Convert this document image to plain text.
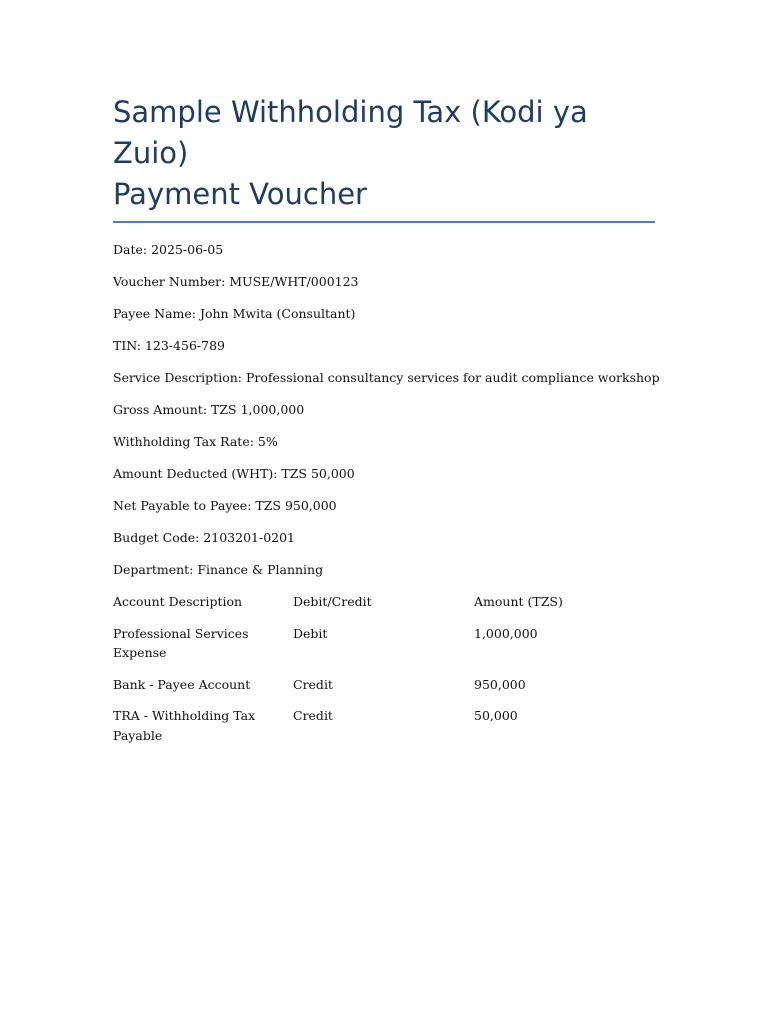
Sample Withholding Tax (Kodi ya Zuio)
Payment Voucher
Date: 2025-06-05
Voucher Number: MUSE/WHT/000123
Payee Name: John Mwita (Consultant)
TIN: 123-456-789
Service Description: Professional consultancy services for audit compliance workshop
Gross Amount: TZS 1,000,000
Withholding Tax Rate: 5%
Amount Deducted (WHT): TZS 50,000
Net Payable to Payee: TZS 950,000
Budget Code: 2103201-0201
Department: Finance & Planning
Account Description	Debit/Credit	Amount (TZS)
Professional Services Expense	Debit	1,000,000
Bank - Payee Account	Credit	950,000
TRA - Withholding Tax Payable	Credit	50,000
